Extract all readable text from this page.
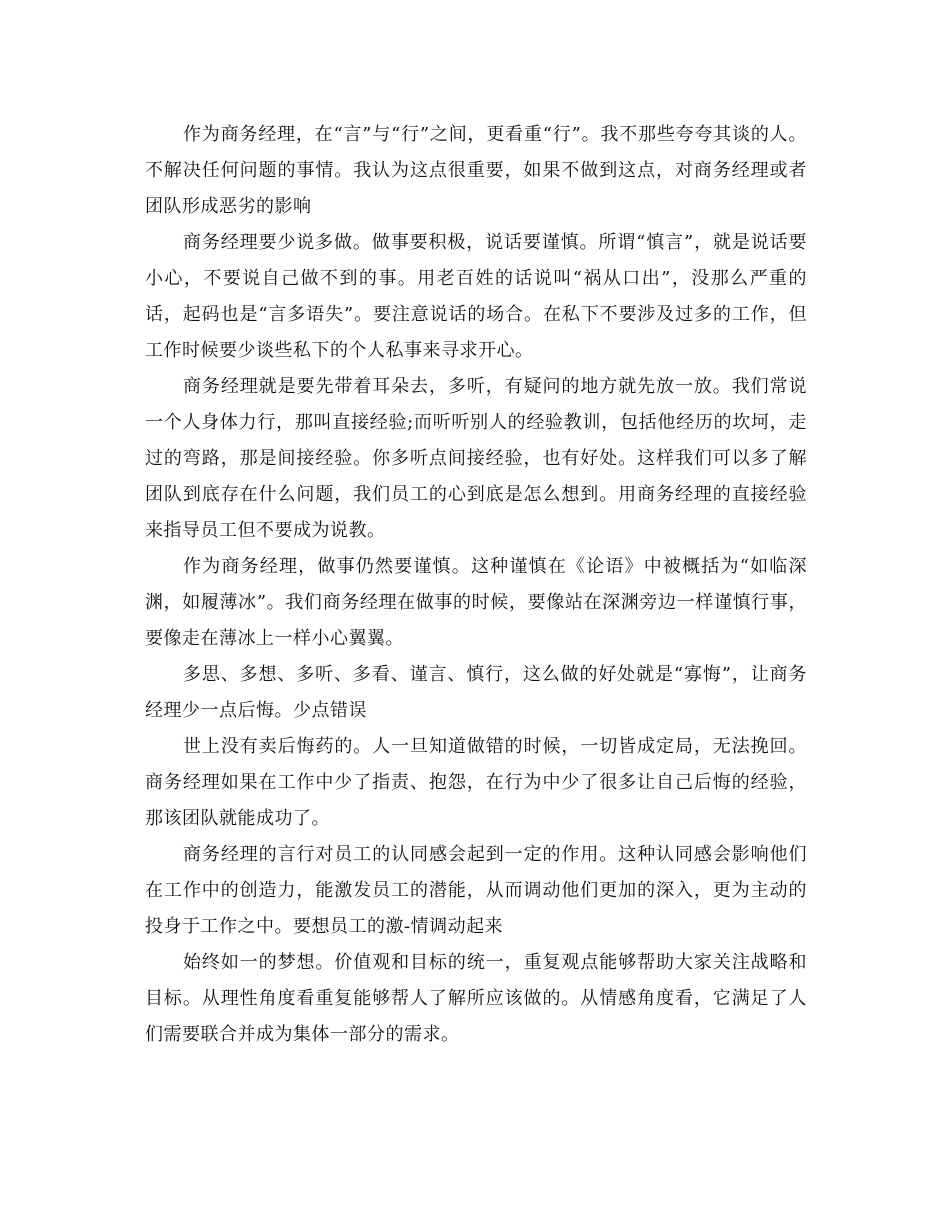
作为商务经理，在“言”与“行”之间，更看重“行”。我不那些夸夸其谈的人。不解决任何问题的事情。我认为这点很重要，如果不做到这点，对商务经理或者团队形成恶劣的影响

商务经理要少说多做。做事要积极，说话要谨慎。所谓“慎言”，就是说话要小心，不要说自己做不到的事。用老百姓的话说叫“祸从口出”，没那么严重的话，起码也是“言多语失”。要注意说话的场合。在私下不要涉及过多的工作，但工作时候要少谈些私下的个人私事来寻求开心。

商务经理就是要先带着耳朵去，多听，有疑问的地方就先放一放。我们常说一个人身体力行，那叫直接经验;而听听别人的经验教训，包括他经历的坎坷，走过的弯路，那是间接经验。你多听点间接经验，也有好处。这样我们可以多了解团队到底存在什么问题，我们员工的心到底是怎么想到。用商务经理的直接经验来指导员工但不要成为说教。

作为商务经理，做事仍然要谨慎。这种谨慎在《论语》中被概括为“如临深渊，如履薄冰”。我们商务经理在做事的时候，要像站在深渊旁边一样谨慎行事，要像走在薄冰上一样小心翼翼。

多思、多想、多听、多看、谨言、慎行，这么做的好处就是“寡悔”，让商务经理少一点后悔。少点错误

世上没有卖后悔药的。人一旦知道做错的时候，一切皆成定局，无法挽回。商务经理如果在工作中少了指责、抱怨，在行为中少了很多让自己后悔的经验，那该团队就能成功了。

商务经理的言行对员工的认同感会起到一定的作用。这种认同感会影响他们在工作中的创造力，能激发员工的潜能，从而调动他们更加的深入，更为主动的投身于工作之中。要想员工的激-情调动起来

始终如一的梦想。价值观和目标的统一，重复观点能够帮助大家关注战略和目标。从理性角度看重复能够帮人了解所应该做的。从情感角度看，它满足了人们需要联合并成为集体一部分的需求。
